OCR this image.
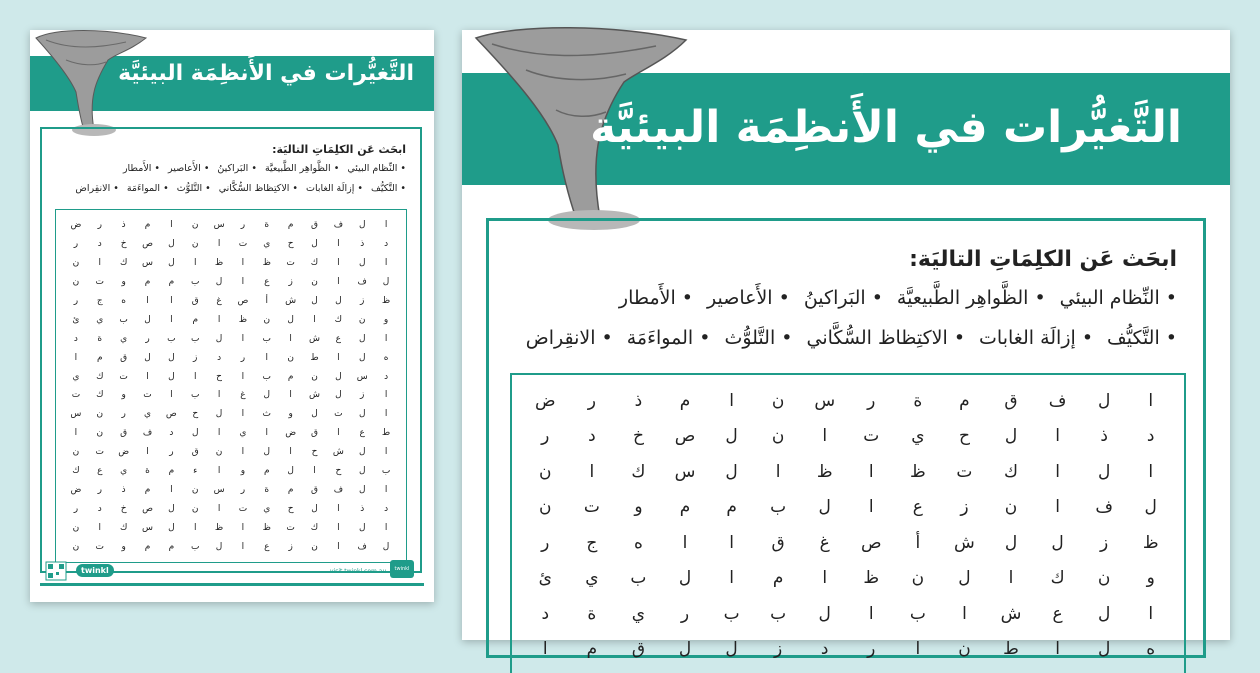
التَّغيُّرات في الأَنظِمَة البيئيَّة
ابحَث عَن الكلِمَاتِ التاليَة:
• النِّظام البيئي
• الظَّواهِر الطَّبيعيَّة
• البَراكينُ
• الأَعاصير
• الأَمطار
• التَّكيُّف
• إزالَة الغابات
• الاكتِظاظ السُّكَّاني
• التَّلوُّث
• المواءَمَة
• الانقِراض
ا
ل
ف
ق
م
ة
ر
س
ن
ا
م
ذ
ر
ض
د
ذ
ا
ل
ح
ي
ت
ا
ن
ل
ص
خ
د
ر
ا
ل
ا
ك
ت
ظ
ا
ظ
ا
ل
س
ك
ا
ن
ل
ف
ا
ن
ز
ع
ا
ل
ب
م
م
و
ت
ن
ظ
ز
ل
ل
ش
أ
ص
غ
ق
ا
ا
ه
ج
ر
و
ن
ك
ا
ل
ن
ظ
ا
م
ا
ل
ب
ي
ئ
ا
ل
ع
ش
ا
ب
ا
ل
ب
ب
ر
ي
ة
د
ه
ل
ا
ط
ن
ا
ر
د
ز
ل
ل
ق
م
ا
د
س
ل
ن
م
ب
ا
ح
ا
ل
ا
ت
ك
ي
ا
ز
ل
ش
ا
ل
غ
ا
ب
ا
ت
و
ك
ت
ا
ل
ت
ل
و
ث
ا
ل
ح
ص
ي
ر
ن
س
ط
ع
ا
ق
ض
ا
ي
ا
ل
د
ف
ق
ن
ا
ا
ل
ش
ح
ا
ل
ا
ن
ق
ر
ا
ض
ت
ن
ب
ل
ح
ا
ل
م
و
ا
ء
م
ة
ي
ع
ك
ا
ل
ف
ق
م
ة
ر
س
ن
ا
م
ذ
ر
ض
د
ذ
ا
ل
ح
ي
ت
ا
ن
ل
ص
خ
د
ر
ا
ل
ا
ك
ت
ظ
ا
ظ
ا
ل
س
ك
ا
ن
ل
ف
ا
ن
ز
ع
ا
ل
ب
م
م
و
ت
ن
twinkl	visit twinkl.com.au	twinkl
التَّغيُّرات في الأَنظِمَة البيئيَّة
ابحَث عَن الكلِمَاتِ التاليَة:
• النِّظام البيئي
• الظَّواهِر الطَّبيعيَّة
• البَراكينُ
• الأَعاصير
• الأَمطار
• التَّكيُّف
• إزالَة الغابات
• الاكتِظاظ السُّكَّاني
• التَّلوُّث
• المواءَمَة
• الانقِراض
ا
ل
ف
ق
م
ة
ر
س
ن
ا
م
ذ
ر
ض
د
ذ
ا
ل
ح
ي
ت
ا
ن
ل
ص
خ
د
ر
ا
ل
ا
ك
ت
ظ
ا
ظ
ا
ل
س
ك
ا
ن
ل
ف
ا
ن
ز
ع
ا
ل
ب
م
م
و
ت
ن
ظ
ز
ل
ل
ش
أ
ص
غ
ق
ا
ا
ه
ج
ر
و
ن
ك
ا
ل
ن
ظ
ا
م
ا
ل
ب
ي
ئ
ا
ل
ع
ش
ا
ب
ا
ل
ب
ب
ر
ي
ة
د
ه
ل
ا
ط
ن
ا
ر
د
ز
ل
ل
ق
م
ا
